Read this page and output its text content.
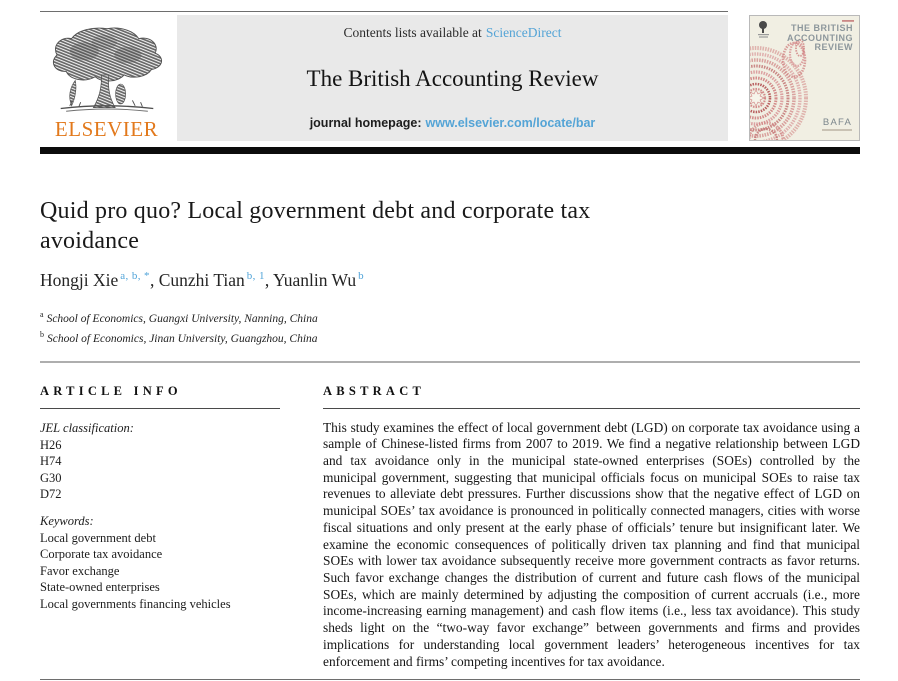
ELSEVIER
Contents lists available at ScienceDirect
The British Accounting Review
journal homepage: www.elsevier.com/locate/bar
THE BRITISH
ACCOUNTING
REVIEW
BAFA
Quid pro quo? Local government debt and corporate tax avoidance
Hongji Xie $^{a, b, *}$, Cunzhi Tian $^{b, 1}$, Yuanlin Wu $^b$
$^a$ School of Economics, Guangxi University, Nanning, China
$^b$ School of Economics, Jinan University, Guangzhou, China
ARTICLE INFO
JEL classification:
H26
H74
G30
D72
Keywords:
Local government debt
Corporate tax avoidance
Favor exchange
State-owned enterprises
Local governments financing vehicles
ABSTRACT

This study examines the effect of local government debt (LGD) on corporate tax avoidance using a sample of Chinese-listed firms from 2007 to 2019. We find a negative relationship between LGD and tax avoidance only in the municipal state-owned enterprises (SOEs) controlled by the municipal government, suggesting that municipal officials focus on municipal SOEs to raise tax revenues to alleviate debt pressures. Further discussions show that the negative effect of LGD on municipal SOEs’ tax avoidance is pronounced in politically connected managers, cities with worse fiscal situations and only present at the early phase of officials’ tenure but insignificant later. We examine the economic consequences of politically driven tax planning and find that municipal SOEs with lower tax avoidance subsequently receive more government contracts as favor returns. Such favor exchange changes the distribution of current and future cash flows of the municipal SOEs, which are mainly determined by adjusting the composition of current accruals (i.e., more income-increasing earning management) and cash flow items (i.e., less tax avoidance). This study sheds light on the “two-way favor exchange” between governments and firms and provides implications for understanding local government leaders’ heterogeneous incentives for tax enforcement and firms’ competing incentives for tax avoidance.
